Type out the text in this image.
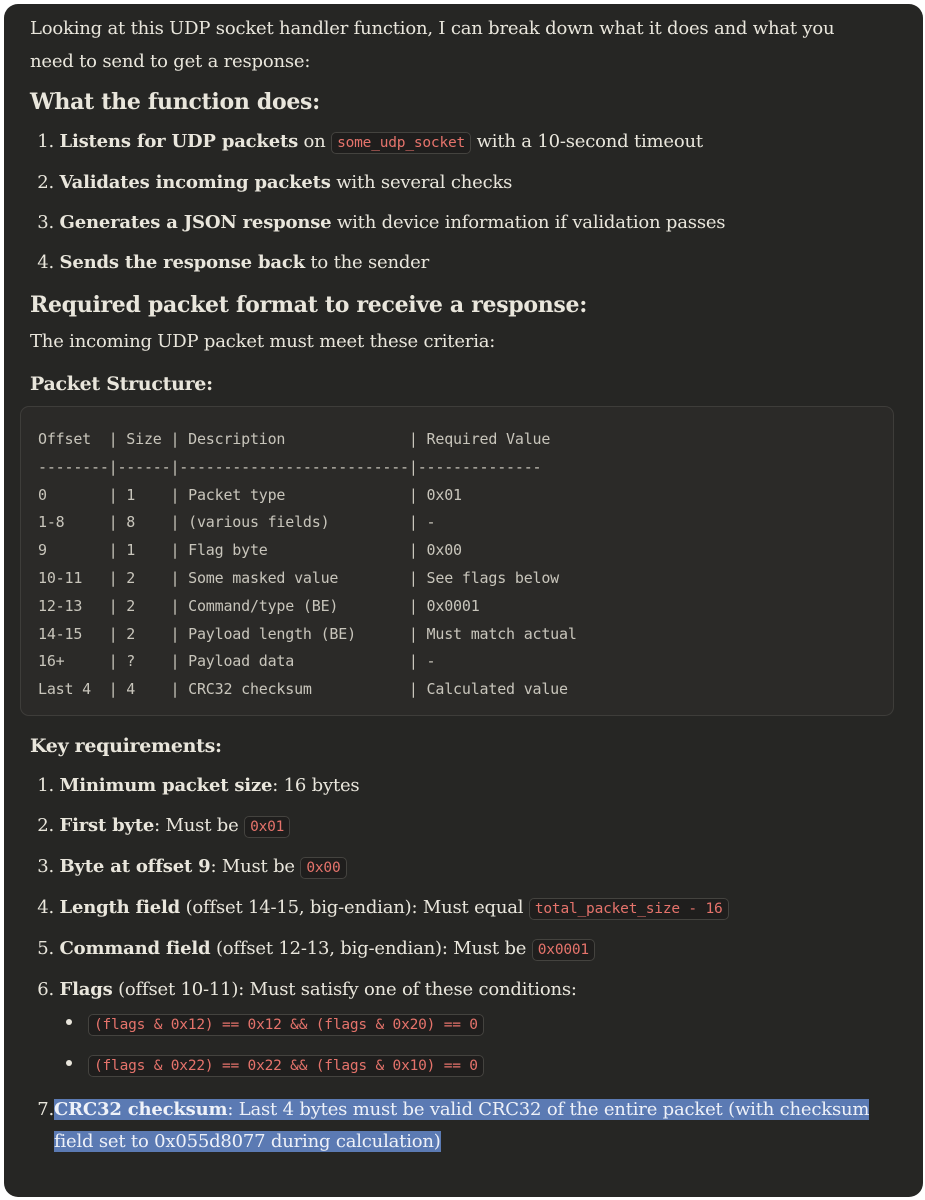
Looking at this UDP socket handler function, I can break down what it does and what you need to send to get a response:

What the function does:
1. Listens for UDP packets on some_udp_socket with a 10-second timeout
2. Validates incoming packets with several checks
3. Generates a JSON response with device information if validation passes
4. Sends the response back to the sender
Required packet format to receive a response:

The incoming UDP packet must meet these criteria:

Packet Structure:
Offset  | Size | Description              | Required Value
--------|------|--------------------------|--------------
0       | 1    | Packet type              | 0x01
1-8     | 8    | (various fields)         | -
9       | 1    | Flag byte                | 0x00
10-11   | 2    | Some masked value        | See flags below
12-13   | 2    | Command/type (BE)        | 0x0001
14-15   | 2    | Payload length (BE)      | Must match actual
16+     | ?    | Payload data             | -
Last 4  | 4    | CRC32 checksum           | Calculated value
Key requirements:
1. Minimum packet size: 16 bytes
2. First byte: Must be 0x01
3. Byte at offset 9: Must be 0x00
4. Length field (offset 14-15, big-endian): Must equal total_packet_size - 16
5. Command field (offset 12-13, big-endian): Must be 0x0001
6. Flags (offset 10-11): Must satisfy one of these conditions:
(flags & 0x12) == 0x12 && (flags & 0x20) == 0
(flags & 0x22) == 0x22 && (flags & 0x10) == 0
7. CRC32 checksum: Last 4 bytes must be valid CRC32 of the entire packet (with checksum field set to 0x055d8077 during calculation)
